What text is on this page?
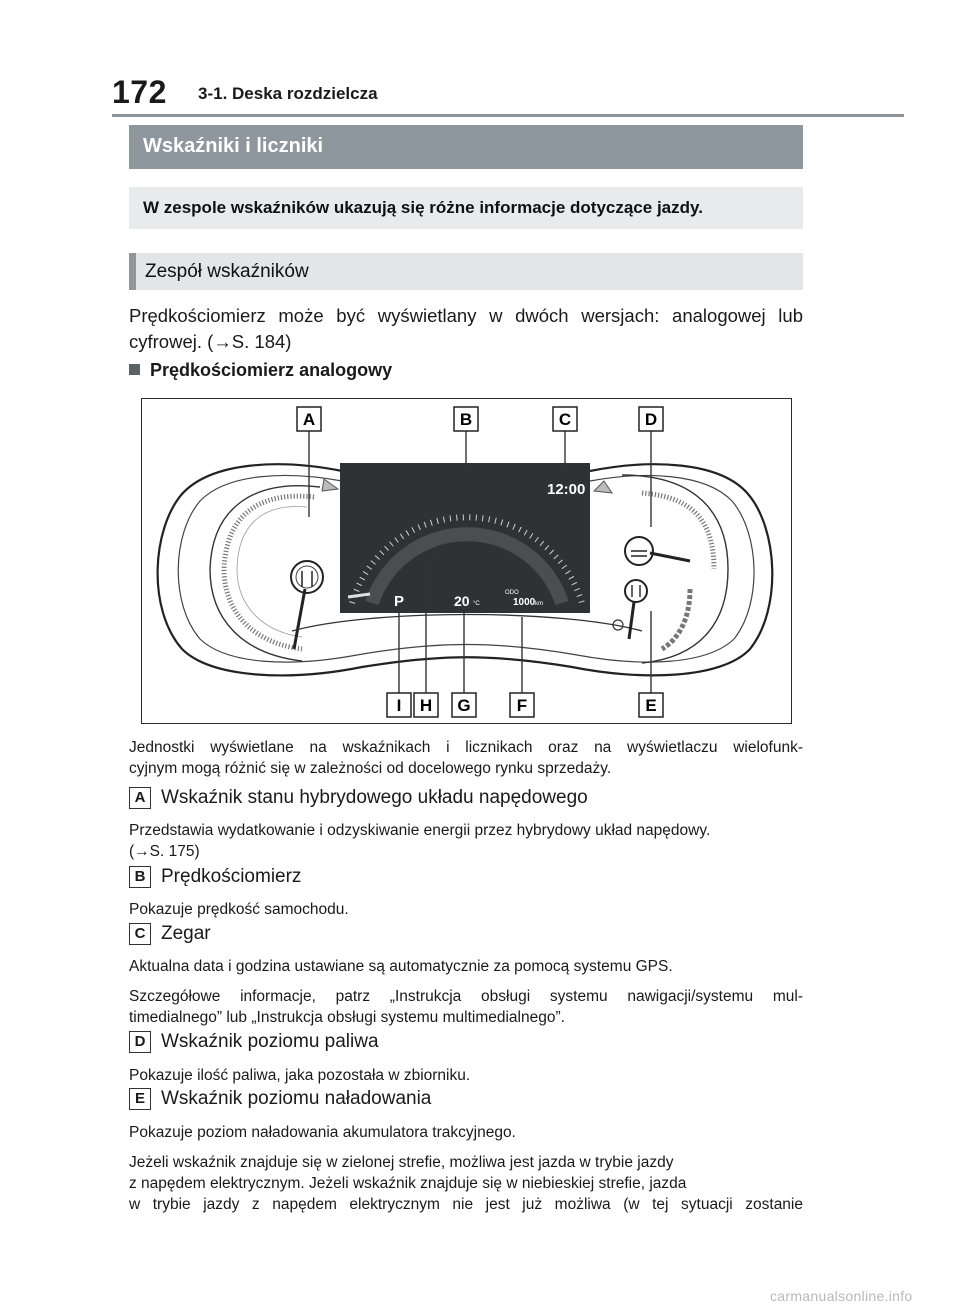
172 3-1. Deska rozdzielcza
Wskaźniki i liczniki
W zespole wskaźników ukazują się różne informacje dotyczące jazdy.
Zespół wskaźników
Prędkościomierz może być wyświetlany w dwóch wersjach: analogowej lub
cyfrowej. (→S. 184)
Prędkościomierz analogowy
12:00
P	20 °C
ODO
1000 km
A	B	C	D
I H G	F	E
Jednostki wyświetlane na wskaźnikach i licznikach oraz na wyświetlaczu wielofunk-
cyjnym mogą różnić się w zależności od docelowego rynku sprzedaży.
A Wskaźnik stanu hybrydowego układu napędowego
Przedstawia wydatkowanie i odzyskiwanie energii przez hybrydowy układ napędowy.
(→S. 175)
B Prędkościomierz
Pokazuje prędkość samochodu.
C Zegar
Aktualna data i godzina ustawiane są automatycznie za pomocą systemu GPS.
Szczegółowe informacje, patrz „Instrukcja obsługi systemu nawigacji/systemu mul-
timedialnego” lub „Instrukcja obsługi systemu multimedialnego”.
D Wskaźnik poziomu paliwa
Pokazuje ilość paliwa, jaka pozostała w zbiorniku.
E Wskaźnik poziomu naładowania
Pokazuje poziom naładowania akumulatora trakcyjnego.
Jeżeli wskaźnik znajduje się w zielonej strefie, możliwa jest jazda w trybie jazdy
z napędem elektrycznym. Jeżeli wskaźnik znajduje się w niebieskiej strefie, jazda
w trybie jazdy z napędem elektrycznym nie jest już możliwa (w tej sytuacji zostanie
carmanualsonline.info
